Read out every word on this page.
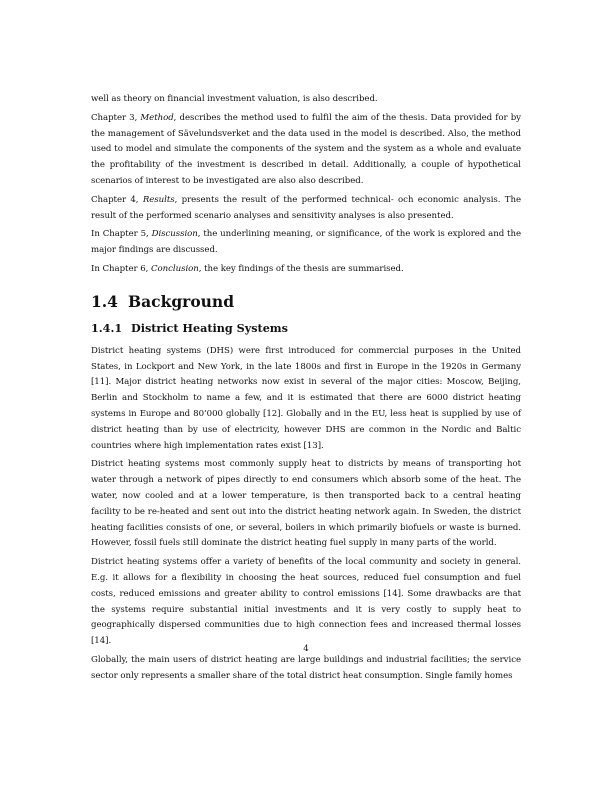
well as theory on financial investment valuation, is also described.

Chapter 3, Method, describes the method used to fulfil the aim of the thesis. Data provided for by the management of Sävelundsverket and the data used in the model is described. Also, the method used to model and simulate the components of the system and the system as a whole and evaluate the profitability of the investment is described in detail. Additionally, a couple of hypothetical scenarios of interest to be investigated are also also described.

Chapter 4, Results, presents the result of the performed technical- och economic analysis. The result of the performed scenario analyses and sensitivity analyses is also presented.

In Chapter 5, Discussion, the underlining meaning, or significance, of the work is explored and the major findings are discussed.

In Chapter 6, Conclusion, the key findings of the thesis are summarised.

1.4 Background
1.4.1 District Heating Systems

District heating systems (DHS) were first introduced for commercial purposes in the United States, in Lockport and New York, in the late 1800s and first in Europe in the 1920s in Germany [11]. Major district heating networks now exist in several of the major cities: Moscow, Beijing, Berlin and Stockholm to name a few, and it is estimated that there are 6000 district heating systems in Europe and 80’000 globally [12]. Globally and in the EU, less heat is supplied by use of district heating than by use of electricity, however DHS are common in the Nordic and Baltic countries where high implementation rates exist [13].

District heating systems most commonly supply heat to districts by means of transporting hot water through a network of pipes directly to end consumers which absorb some of the heat. The water, now cooled and at a lower temperature, is then transported back to a central heating facility to be re-heated and sent out into the district heating network again. In Sweden, the district heating facilities consists of one, or several, boilers in which primarily biofuels or waste is burned. However, fossil fuels still dominate the district heating fuel supply in many parts of the world.

District heating systems offer a variety of benefits of the local community and society in general. E.g. it allows for a flexibility in choosing the heat sources, reduced fuel consumption and fuel costs, reduced emissions and greater ability to control emissions [14]. Some drawbacks are that the systems require substantial initial investments and it is very costly to supply heat to geographically dispersed communities due to high connection fees and increased thermal losses [14].

Globally, the main users of district heating are large buildings and industrial facilities; the service sector only represents a smaller share of the total district heat consumption. Single family homes

4
